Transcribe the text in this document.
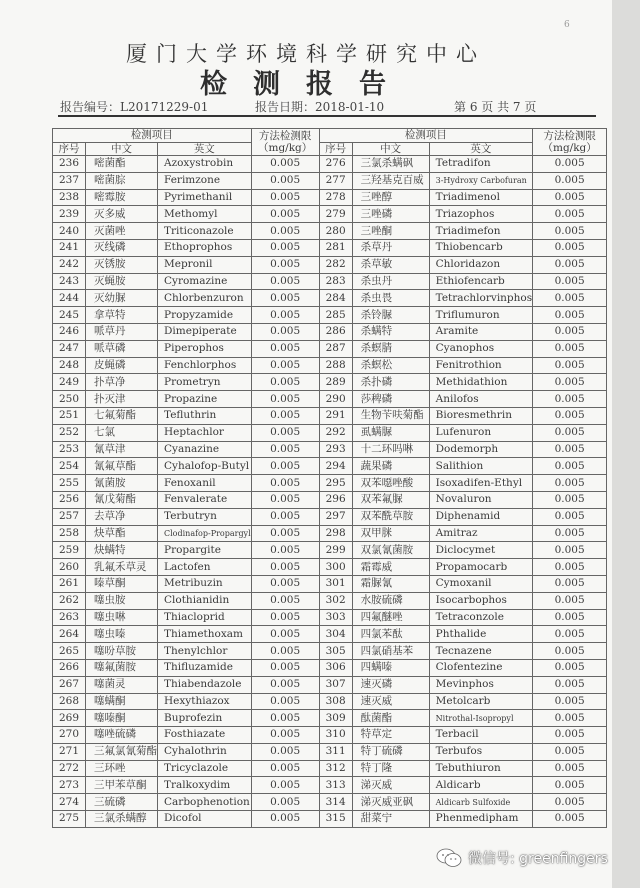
6
厦门大学环境科学研究中心
检测报告
报告编号：L20171229-01	报告日期：2018-01-10	第 6 页 共 7 页
检测项目			方法检测限
（mg/kg）	检测项目			方法检测限
（mg/kg）
序号	中文	英文		序号	中文	英文	
236	嘧菌酯	Azoxystrobin	0.005	276	三氯杀螨砜	Tetradifon	0.005
237	嘧菌腙	Ferimzone	0.005	277	三羟基克百威	3-Hydroxy Carbofuran	0.005
238	嘧霉胺	Pyrimethanil	0.005	278	三唑醇	Triadimenol	0.005
239	灭多威	Methomyl	0.005	279	三唑磷	Triazophos	0.005
240	灭菌唑	Triticonazole	0.005	280	三唑酮	Triadimefon	0.005
241	灭线磷	Ethoprophos	0.005	281	杀草丹	Thiobencarb	0.005
242	灭锈胺	Mepronil	0.005	282	杀草敏	Chloridazon	0.005
243	灭蝇胺	Cyromazine	0.005	283	杀虫丹	Ethiofencarb	0.005
244	灭幼脲	Chlorbenzuron	0.005	284	杀虫畏	Tetrachlorvinphos	0.005
245	拿草特	Propyzamide	0.005	285	杀铃脲	Triflumuron	0.005
246	哌草丹	Dimepiperate	0.005	286	杀螨特	Aramite	0.005
247	哌草磷	Piperophos	0.005	287	杀螟腈	Cyanophos	0.005
248	皮蝇磷	Fenchlorphos	0.005	288	杀螟松	Fenitrothion	0.005
249	扑草净	Prometryn	0.005	289	杀扑磷	Methidathion	0.005
250	扑灭津	Propazine	0.005	290	莎稗磷	Anilofos	0.005
251	七氟菊酯	Tefluthrin	0.005	291	生物苄呋菊酯	Bioresmethrin	0.005
252	七氯	Heptachlor	0.005	292	虱螨脲	Lufenuron	0.005
253	氰草津	Cyanazine	0.005	293	十二环吗啉	Dodemorph	0.005
254	氰氟草酯	Cyhalofop-Butyl	0.005	294	蔬果磷	Salithion	0.005
255	氰菌胺	Fenoxanil	0.005	295	双苯噁唑酸	Isoxadifen-Ethyl	0.005
256	氰戊菊酯	Fenvalerate	0.005	296	双苯氟脲	Novaluron	0.005
257	去草净	Terbutryn	0.005	297	双苯酰草胺	Diphenamid	0.005
258	炔草酯	Clodinafop-Propargyl	0.005	298	双甲脒	Amitraz	0.005
259	炔螨特	Propargite	0.005	299	双氯氰菌胺	Diclocymet	0.005
260	乳氟禾草灵	Lactofen	0.005	300	霜霉威	Propamocarb	0.005
261	嗪草酮	Metribuzin	0.005	301	霜脲氰	Cymoxanil	0.005
262	噻虫胺	Clothianidin	0.005	302	水胺硫磷	Isocarbophos	0.005
263	噻虫啉	Thiacloprid	0.005	303	四氟醚唑	Tetraconzole	0.005
264	噻虫嗪	Thiamethoxam	0.005	304	四氯苯酞	Phthalide	0.005
265	噻吩草胺	Thenylchlor	0.005	305	四氯硝基苯	Tecnazene	0.005
266	噻氟菌胺	Thifluzamide	0.005	306	四螨嗪	Clofentezine	0.005
267	噻菌灵	Thiabendazole	0.005	307	速灭磷	Mevinphos	0.005
268	噻螨酮	Hexythiazox	0.005	308	速灭威	Metolcarb	0.005
269	噻嗪酮	Buprofezin	0.005	309	酞菌酯	Nitrothal-Isopropyl	0.005
270	噻唑硫磷	Fosthiazate	0.005	310	特草定	Terbacil	0.005
271	三氟氯氰菊酯	Cyhalothrin	0.005	311	特丁硫磷	Terbufos	0.005
272	三环唑	Tricyclazole	0.005	312	特丁隆	Tebuthiuron	0.005
273	三甲苯草酮	Tralkoxydim	0.005	313	涕灭威	Aldicarb	0.005
274	三硫磷	Carbophenotion	0.005	314	涕灭威亚砜	Aldicarb Sulfoxide	0.005
275	三氯杀螨醇	Dicofol	0.005	315	甜菜宁	Phenmedipham	0.005
微信号: greenfingers
